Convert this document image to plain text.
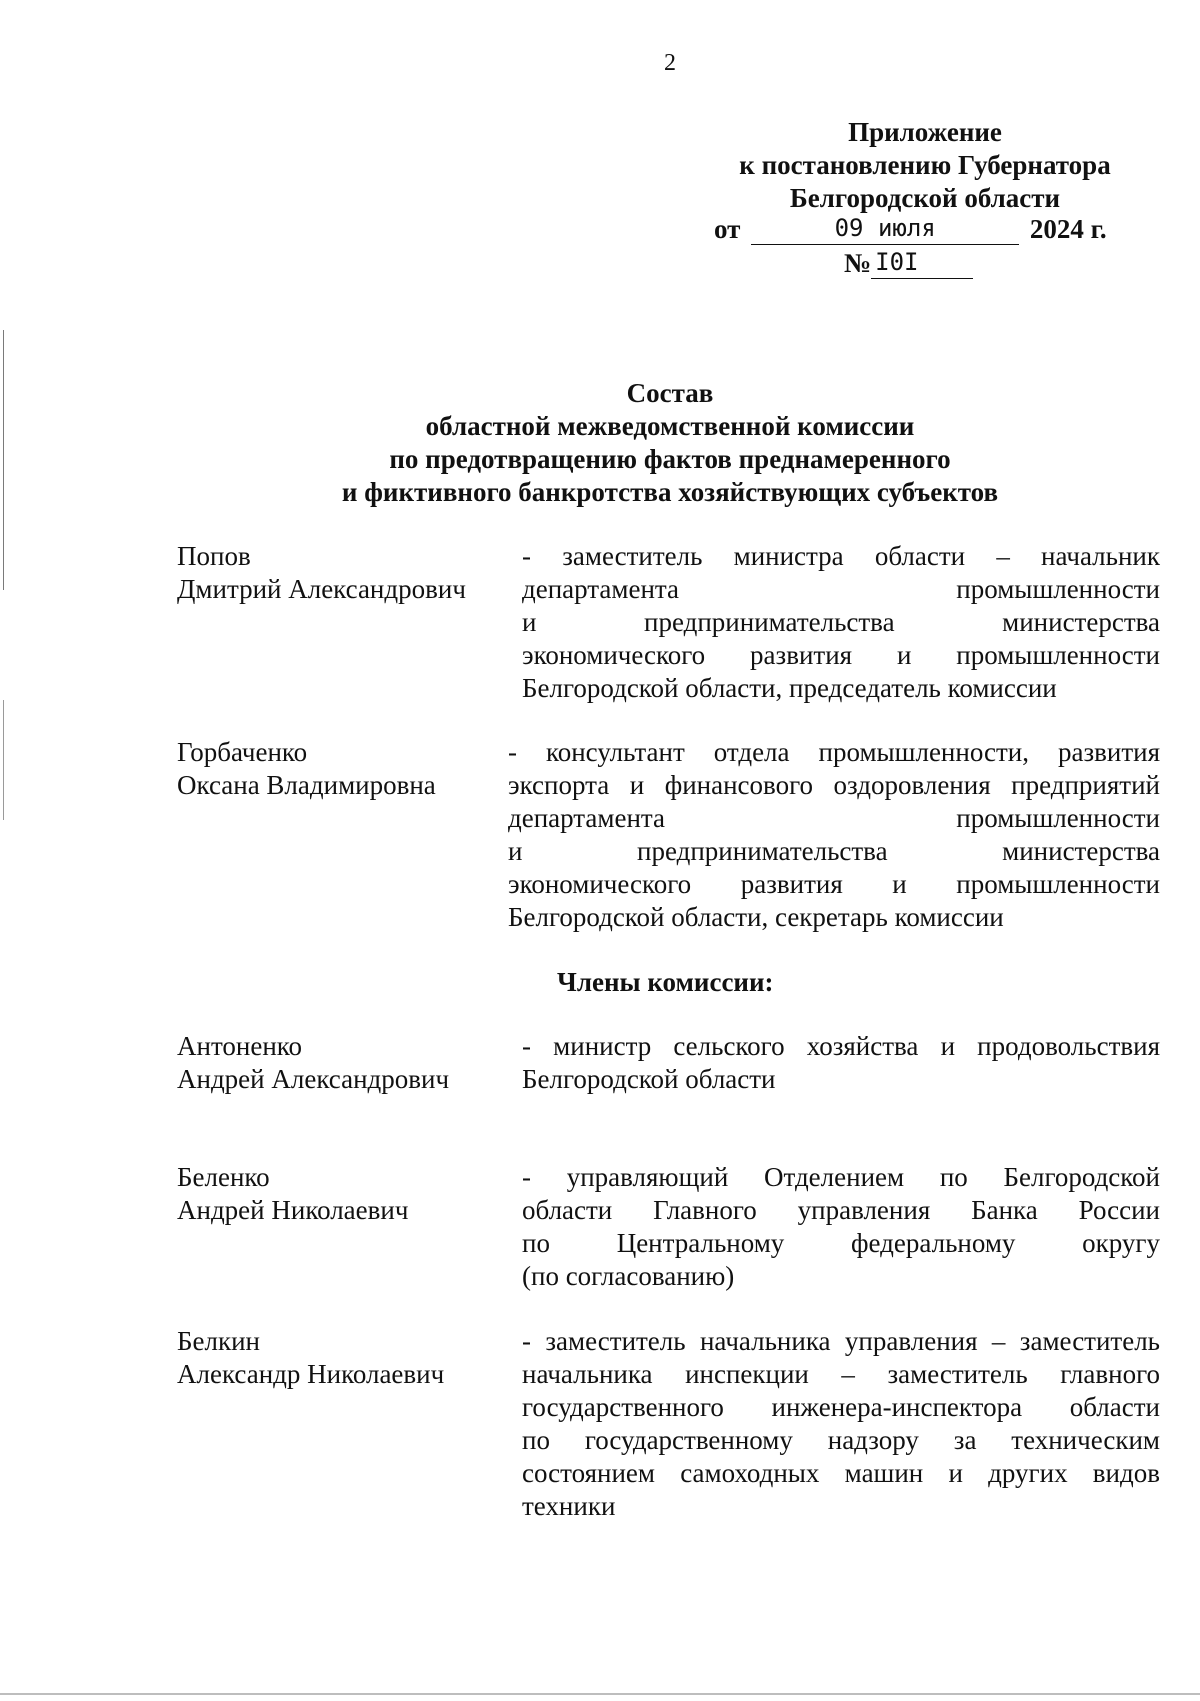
2
Приложение
к постановлению Губернатора
Белгородской области
от	09 июля	2024 г.
№ I0I
Состав
областной межведомственной комиссии
по предотвращению фактов преднамеренного
и фиктивного банкротства хозяйствующих субъектов
Попов
Дмитрий Александрович
- заместитель министра области – начальник
департамента промышленности
и предпринимательства министерства
экономического развития и промышленности
Белгородской области, председатель комиссии
Горбаченко
Оксана Владимировна
- консультант отдела промышленности, развития
экспорта и финансового оздоровления предприятий
департамента промышленности
и предпринимательства министерства
экономического развития и промышленности
Белгородской области, секретарь комиссии
Члены комиссии:
Антоненко
Андрей Александрович
- министр сельского хозяйства и продовольствия
Белгородской области
Беленко
Андрей Николаевич
- управляющий Отделением по Белгородской
области Главного управления Банка России
по Центральному федеральному округу
(по согласованию)
Белкин
Александр Николаевич
- заместитель начальника управления – заместитель
начальника инспекции – заместитель главного
государственного инженера-инспектора области
по государственному надзору за техническим
состоянием самоходных машин и других видов
техники
